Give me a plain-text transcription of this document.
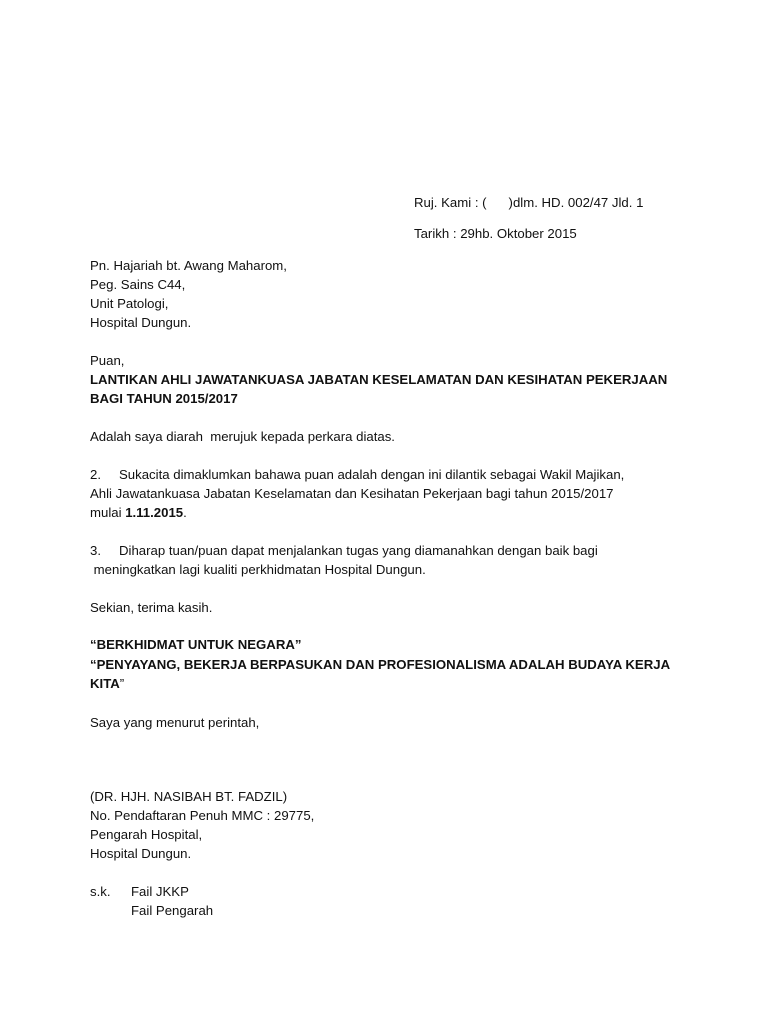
Ruj. Kami : (      )dlm. HD. 002/47 Jld. 1
Tarikh : 29hb. Oktober 2015
Pn. Hajariah bt. Awang Maharom,
Peg. Sains C44,
Unit Patologi,
Hospital Dungun.
Puan,
LANTIKAN AHLI JAWATANKUASA JABATAN KESELAMATAN DAN KESIHATAN PEKERJAAN
BAGI TAHUN 2015/2017
Adalah saya diarah  merujuk kepada perkara diatas.
2. Sukacita dimaklumkan bahawa puan adalah dengan ini dilantik sebagai Wakil Majikan,
Ahli Jawatankuasa Jabatan Keselamatan dan Kesihatan Pekerjaan bagi tahun 2015/2017
mulai 1.11.2015.
3. Diharap tuan/puan dapat menjalankan tugas yang diamanahkan dengan baik bagi
meningkatkan lagi kualiti perkhidmatan Hospital Dungun.
Sekian, terima kasih.
“BERKHIDMAT UNTUK NEGARA”
“PENYAYANG, BEKERJA BERPASUKAN DAN PROFESIONALISMA ADALAH BUDAYA KERJA
KITA”
Saya yang menurut perintah,
(DR. HJH. NASIBAH BT. FADZIL)
No. Pendaftaran Penuh MMC : 29775,
Pengarah Hospital,
Hospital Dungun.
s.k. Fail JKKP
Fail Pengarah
